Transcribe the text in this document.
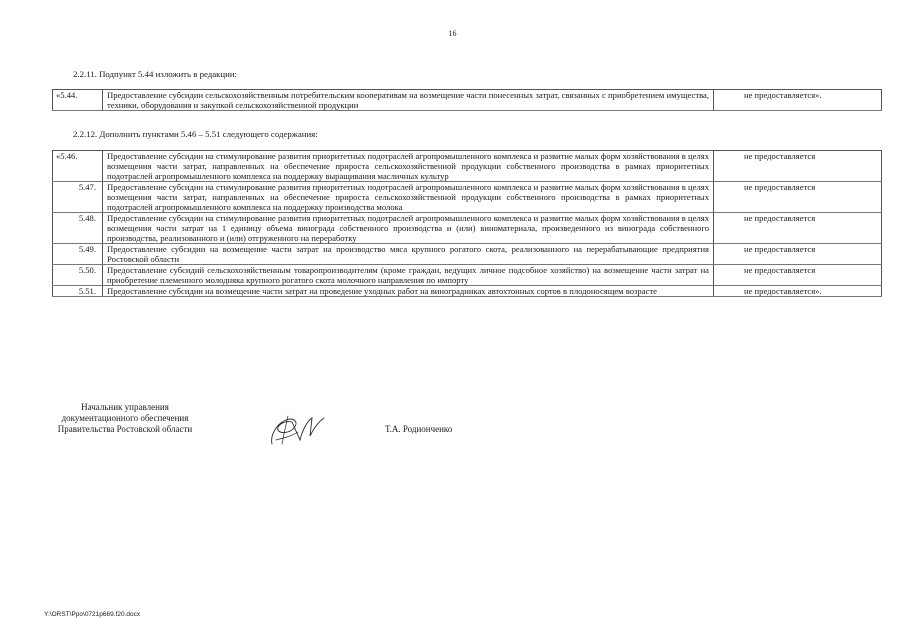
16
2.2.11. Подпункт 5.44 изложить в редакции:
«5.44.	Предоставление субсидии сельскохозяйственным потребительским кооперативам на возмещение части понесенных затрат, связанных с приобретением имущества, техники, оборудования и закупкой сельскохозяйственной продукции	не предоставляется».
2.2.12. Дополнить пунктами 5.46 – 5.51 следующего содержания:
«5.46.	Предоставление субсидии на стимулирование развития приоритетных подотраслей агропромышленного комплекса и развитие малых форм хозяйствования в целях возмещения части затрат, направленных на обеспечение прироста сельскохозяйственной продукции собственного производства в рамках приоритетных подотраслей агропромышленного комплекса на поддержку выращивания масличных культур	не предоставляется
5.47.	Предоставление субсидии на стимулирование развития приоритетных подотраслей агропромышленного комплекса и развитие малых форм хозяйствования в целях возмещения части затрат, направленных на обеспечение прироста сельскохозяйственной продукции собственного производства в рамках приоритетных подотраслей агропромышленного комплекса на поддержку производства молока	не предоставляется
5.48.	Предоставление субсидии на стимулирование развития приоритетных подотраслей агропромышленного комплекса и развитие малых форм хозяйствования в целях возмещения части затрат на 1 единицу объема винограда собственного производства и (или) виноматериала, произведенного из винограда собственного производства, реализованного и (или) отгруженного на переработку	не предоставляется
5.49.	Предоставление субсидии на возмещение части затрат на производство мяса крупного рогатого скота, реализованного на перерабатывающие предприятия Ростовской области	не предоставляется
5.50.	Предоставление субсидий сельскохозяйственным товаропроизводителям (кроме граждан, ведущих личное подсобное хозяйство) на возмещение части затрат на приобретение племенного молодняка крупного рогатого скота молочного направления по импорту	не предоставляется
5.51.	Предоставление субсидии на возмещение части затрат на проведение уходных работ на виноградниках автохтонных сортов в плодоносящем возрасте	не предоставляется».
Начальник управления
документационного обеспечения
Правительства Ростовской области	Т.А. Родионченко
Y:\ORST\Ppo\0721p669.f20.docx
